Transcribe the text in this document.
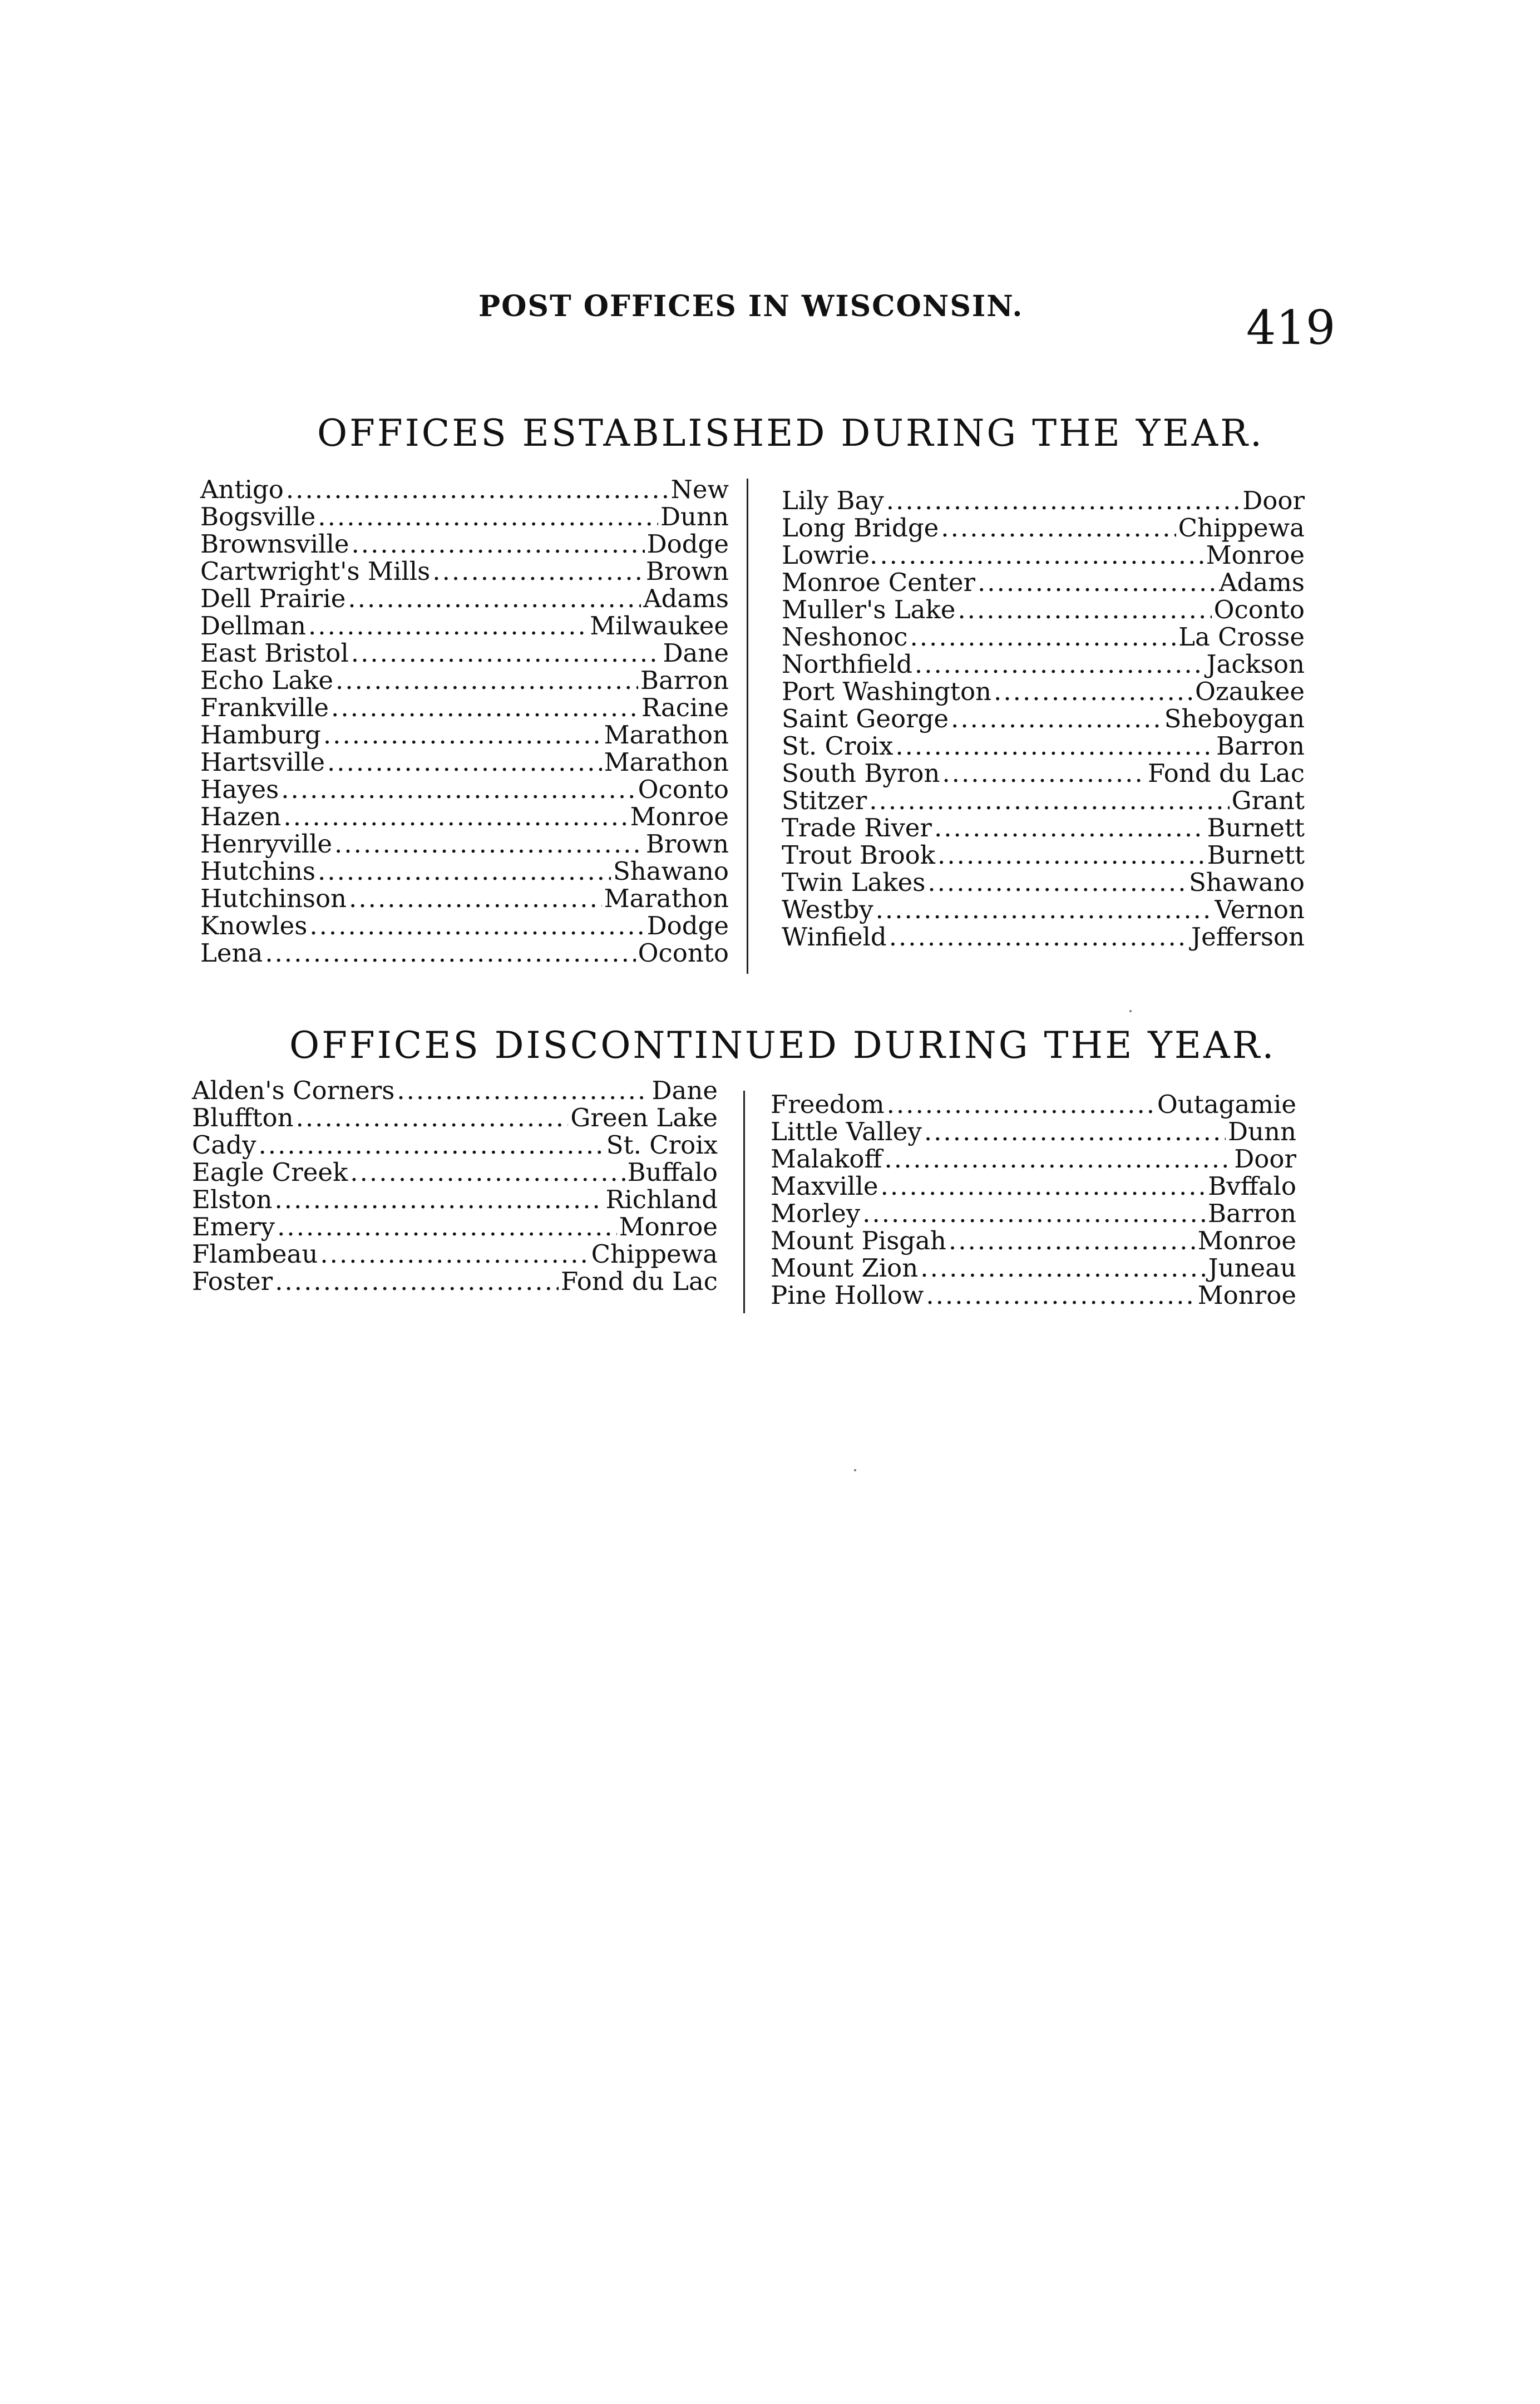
POST OFFICES IN WISCONSIN.	419
OFFICES ESTABLISHED DURING THE YEAR.
Antigo .....	New
Bogsville .....	Dunn
Brownsville .....	Dodge
Cartwright's Mills .....	Brown
Dell Prairie .....	Adams
Dellman .....	Milwaukee
East Bristol .....	Dane
Echo Lake .....	Barron
Frankville .....	Racine
Hamburg .....	Marathon
Hartsville .....	Marathon
Hayes .....	Oconto
Hazen .....	Monroe
Henryville .....	Brown
Hutchins .....	Shawano
Hutchinson .....	Marathon
Knowles .....	Dodge
Lena .....	Oconto
Lily Bay .....	Door
Long Bridge .....	Chippewa
Lowrie. .....	Monroe
Monroe Center .....	Adams
Muller's Lake .....	Oconto
Neshonoc .....	La Crosse
Northfield .....	Jackson
Port Washington .....	Ozaukee
Saint George .....	Sheboygan
St. Croix .....	Barron
South Byron .....	Fond du Lac
Stitzer .....	Grant
Trade River .....	Burnett
Trout Brook .....	Burnett
Twin Lakes .....	Shawano
Westby .....	Vernon
Winfield .....	Jefferson
OFFICES DISCONTINUED DURING THE YEAR.
Alden's Corners .....	Dane
Bluffton .....	Green Lake
Cady .....	St. Croix
Eagle Creek .....	Buffalo
Elston .....	Richland
Emery .....	Monroe
Flambeau .....	Chippewa
Foster .....	Fond du Lac
Freedom .....	Outagamie
Little Valley .....	Dunn
Malakoff .....	Door
Maxville .....	Bvffalo
Morley .....	Barron
Mount Pisgah .....	Monroe
Mount Zion .....	Juneau
Pine Hollow .....	Monroe
